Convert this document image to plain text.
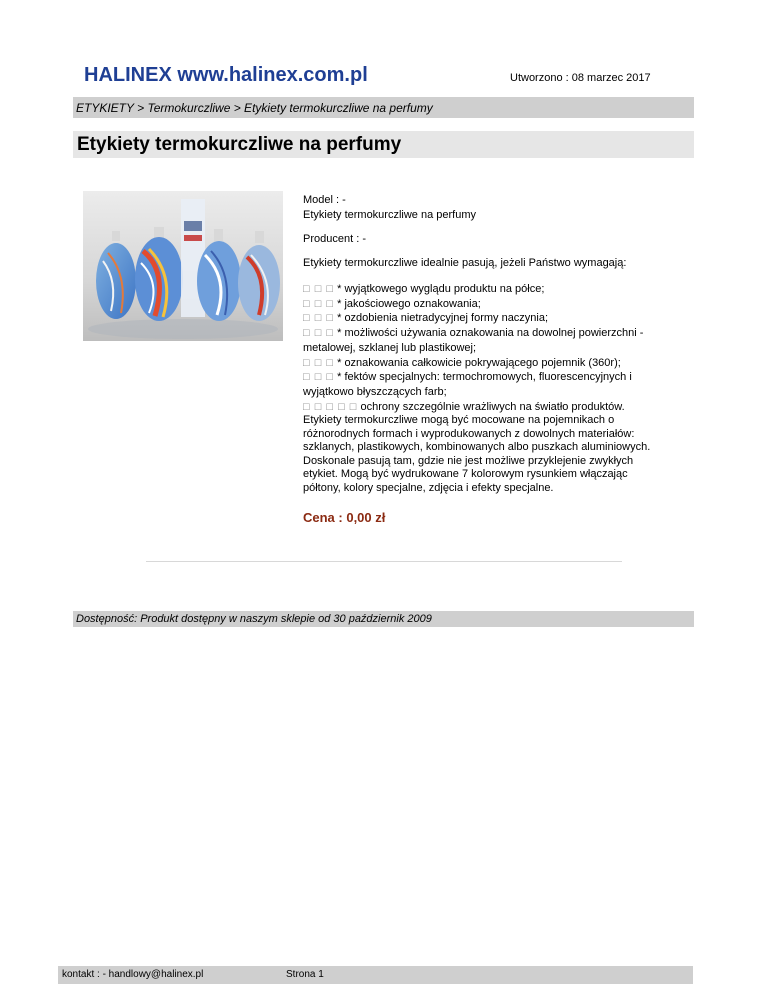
HALINEX www.halinex.com.pl	Utworzono : 08 marzec 2017
ETYKIETY > Termokurczliwe > Etykiety termokurczliwe na perfumy
Etykiety termokurczliwe na perfumy
Model : -
Etykiety termokurczliwe na perfumy
Producent : -
Etykiety termokurczliwe idealnie pasują, jeżeli Państwo wymagają:
□ □ □ * wyjątkowego wyglądu produktu na półce;
□ □ □ * jakościowego oznakowania;
□ □ □ * ozdobienia nietradycyjnej formy naczynia;
□ □ □ * możliwości używania oznakowania na dowolnej powierzchni - metalowej, szklanej lub plastikowej;
□ □ □ * oznakowania całkowicie pokrywającego pojemnik (360r);
□ □ □ * fektów specjalnych: termochromowych, fluorescencyjnych i wyjątkowo błyszczących farb;
□ □ □ □ □ ochrony szczególnie wrażliwych na światło produktów.
Etykiety termokurczliwe mogą być mocowane na pojemnikach o różnorodnych formach i wyprodukowanych z dowolnych materiałów: szklanych, plastikowych, kombinowanych albo puszkach aluminiowych. Doskonale pasują tam, gdzie nie jest możliwe przyklejenie zwykłych etykiet. Mogą być wydrukowane 7 kolorowym rysunkiem włączając półtony, kolory specjalne, zdjęcia i efekty specjalne.
Cena : 0,00 zł
Dostępność: Produkt dostępny w naszym sklepie od 30 październik 2009
kontakt : - handlowy@halinex.pl	Strona 1
